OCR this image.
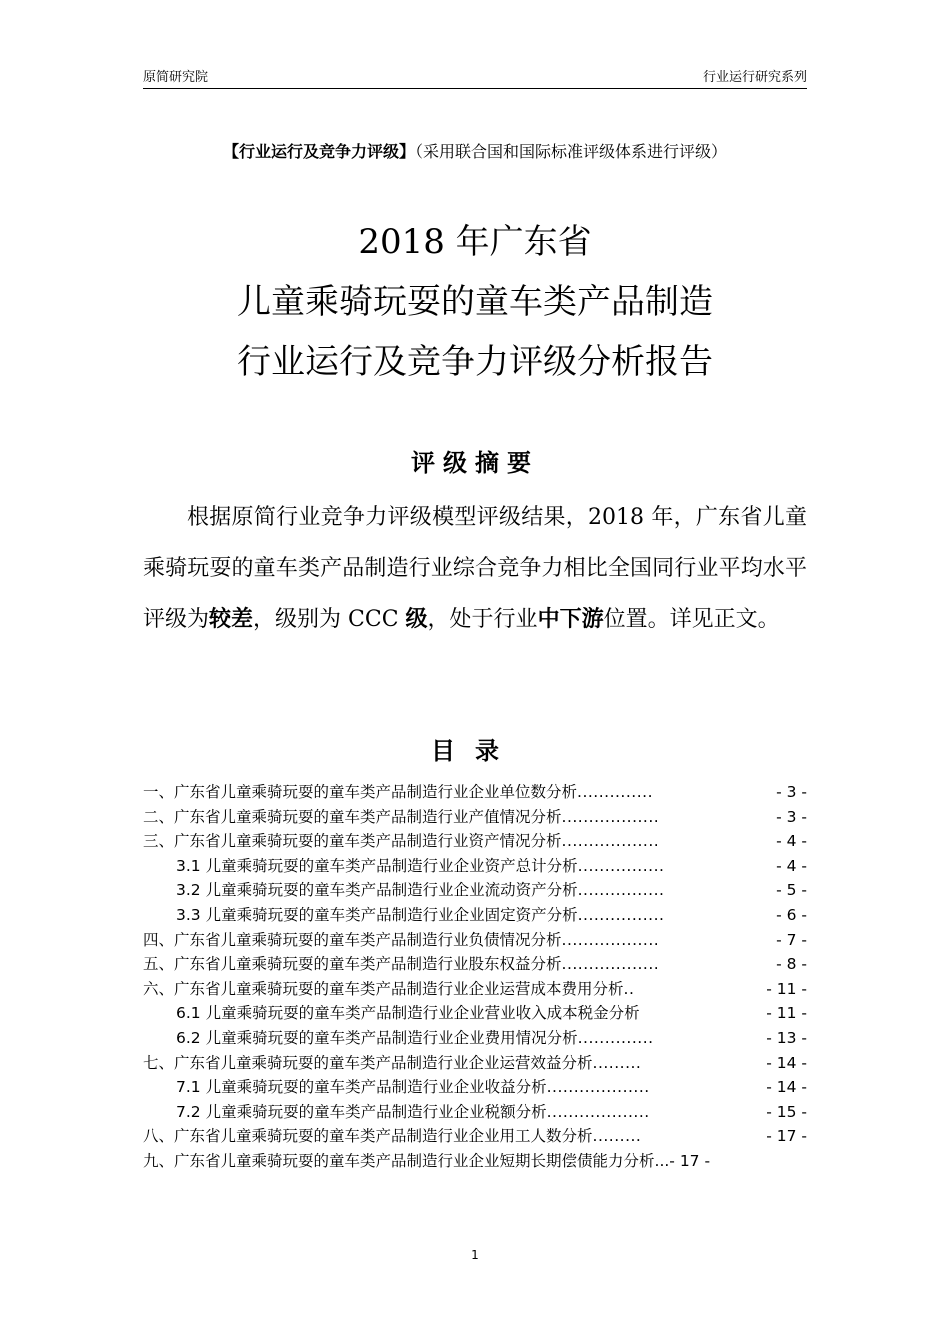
原简研究院	行业运行研究系列
【行业运行及竞争力评级】（采用联合国和国际标准评级体系进行评级）
2018 年广东省
儿童乘骑玩耍的童车类产品制造
行业运行及竞争力评级分析报告
评级摘要
根据原简行业竞争力评级模型评级结果，2018 年，广东省儿童乘骑玩耍的童车类产品制造行业综合竞争力相比全国同行业平均水平评级为较差，级别为 CCC 级，处于行业中下游位置。详见正文。
目录
一、广东省儿童乘骑玩耍的童车类产品制造行业企业单位数分析 ..............	- 3 -
二、广东省儿童乘骑玩耍的童车类产品制造行业产值情况分析 ..................	- 3 -
三、广东省儿童乘骑玩耍的童车类产品制造行业资产情况分析 ..................	- 4 -
3.1 儿童乘骑玩耍的童车类产品制造行业企业资产总计分析 ................	- 4 -
3.2 儿童乘骑玩耍的童车类产品制造行业企业流动资产分析 ................	- 5 -
3.3 儿童乘骑玩耍的童车类产品制造行业企业固定资产分析 ................	- 6 -
四、广东省儿童乘骑玩耍的童车类产品制造行业负债情况分析 ..................	- 7 -
五、广东省儿童乘骑玩耍的童车类产品制造行业股东权益分析 ..................	- 8 -
六、广东省儿童乘骑玩耍的童车类产品制造行业企业运营成本费用分析 ..	- 11 -
6.1 儿童乘骑玩耍的童车类产品制造行业企业营业收入成本税金分析	- 11 -
6.2 儿童乘骑玩耍的童车类产品制造行业企业费用情况分析 ..............	- 13 -
七、广东省儿童乘骑玩耍的童车类产品制造行业企业运营效益分析 .........	- 14 -
7.1 儿童乘骑玩耍的童车类产品制造行业企业收益分析 ...................	- 14 -
7.2 儿童乘骑玩耍的童车类产品制造行业企业税额分析 ...................	- 15 -
八、广东省儿童乘骑玩耍的童车类产品制造行业企业用工人数分析 .........	- 17 -
九、广东省儿童乘骑玩耍的童车类产品制造行业企业短期长期偿债能力分析...- 17 -
1
